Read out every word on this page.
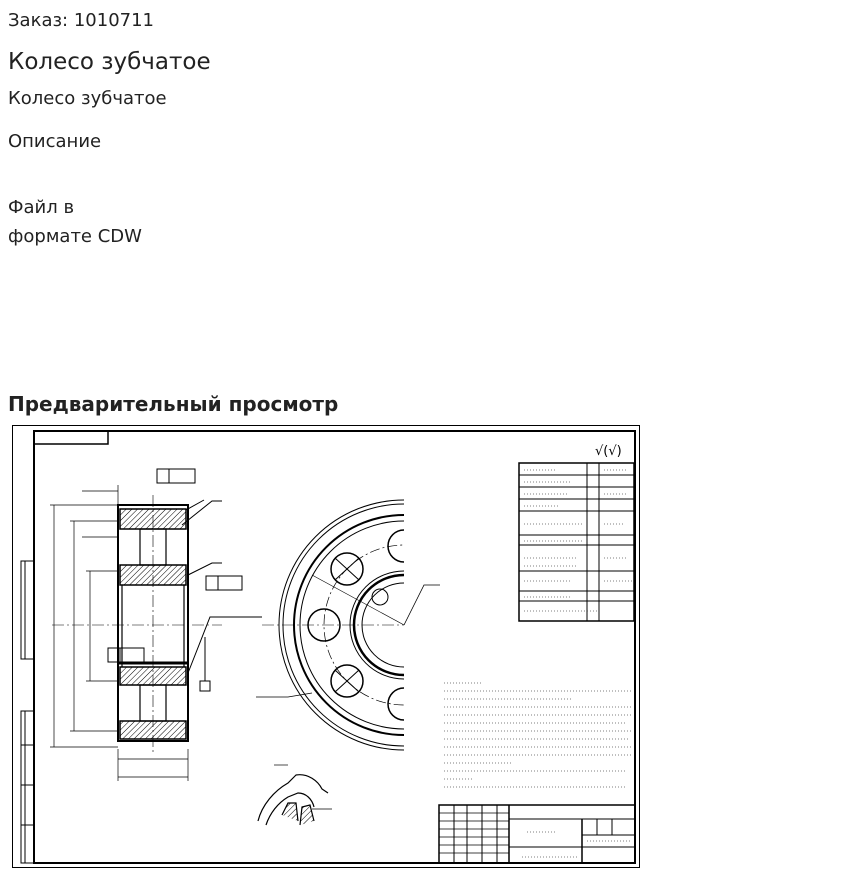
Заказ: 1010711
Колесо зубчатое
Колесо зубчатое
Описание
Файл в
формате CDW
Предварительный просмотр
√(√)
